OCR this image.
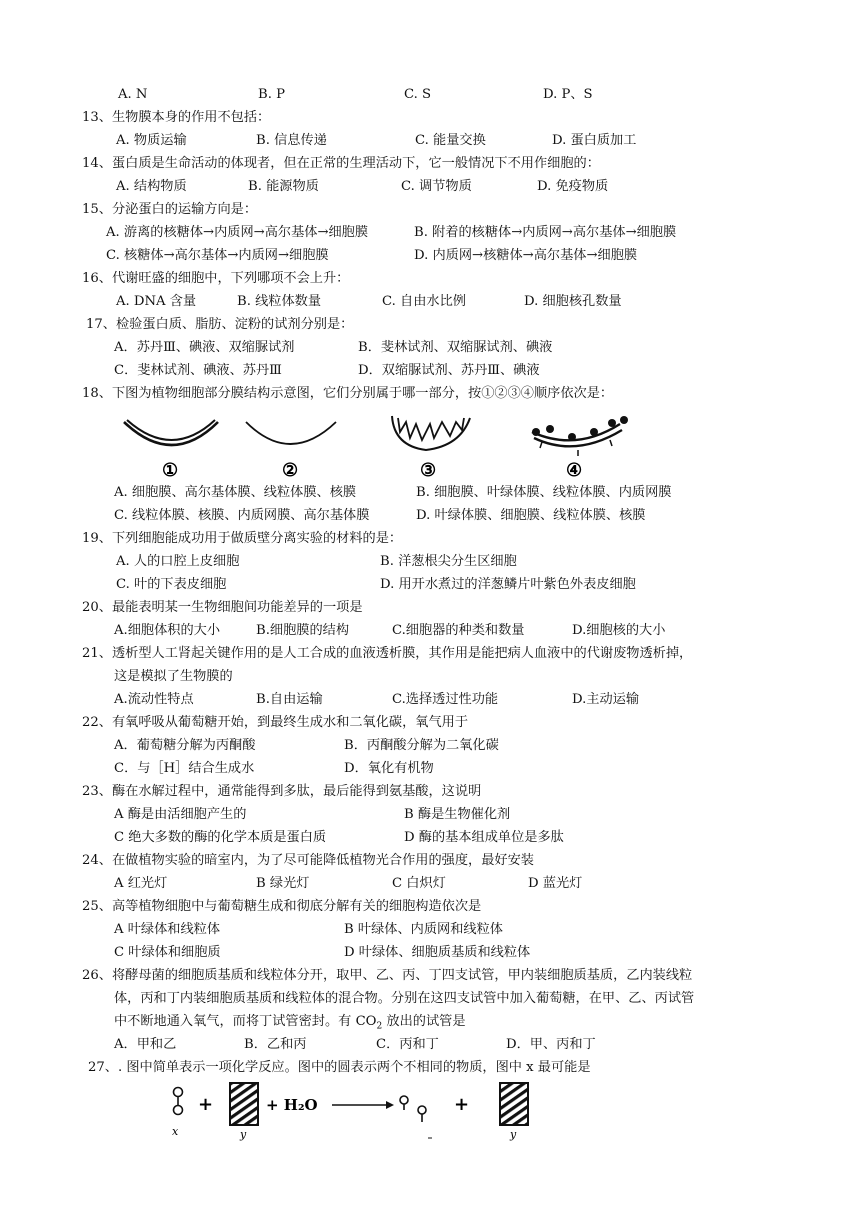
A. N	B. P	C. S	D. P、S
13、生物膜本身的作用不包括：
A. 物质运输	B. 信息传递	C. 能量交换	D. 蛋白质加工
14、蛋白质是生命活动的体现者，但在正常的生理活动下，它一般情况下不用作细胞的：
A. 结构物质	B. 能源物质	C. 调节物质	D. 免疫物质
15、分泌蛋白的运输方向是：
A. 游离的核糖体→内质网→高尔基体→细胞膜	B. 附着的核糖体→内质网→高尔基体→细胞膜
C. 核糖体→高尔基体→内质网→细胞膜	D. 内质网→核糖体→高尔基体→细胞膜
16、代谢旺盛的细胞中，下列哪项不会上升：
A. DNA 含量	B. 线粒体数量	C. 自由水比例	D. 细胞核孔数量
17、检验蛋白质、脂肪、淀粉的试剂分别是：
A．苏丹Ⅲ、碘液、双缩脲试剂	B．斐林试剂、双缩脲试剂、碘液
C．斐林试剂、碘液、苏丹Ⅲ	D．双缩脲试剂、苏丹Ⅲ、碘液
18、下图为植物细胞部分膜结构示意图，它们分别属于哪一部分，按①②③④顺序依次是：
①	②	③	④
A. 细胞膜、高尔基体膜、线粒体膜、核膜	B. 细胞膜、叶绿体膜、线粒体膜、内质网膜
C. 线粒体膜、核膜、内质网膜、高尔基体膜	D. 叶绿体膜、细胞膜、线粒体膜、核膜
19、下列细胞能成功用于做质壁分离实验的材料的是：
A. 人的口腔上皮细胞	B. 洋葱根尖分生区细胞
C. 叶的下表皮细胞	D. 用开水煮过的洋葱鳞片叶紫色外表皮细胞
20、最能表明某一生物细胞间功能差异的一项是
A.细胞体积的大小	B.细胞膜的结构	C.细胞器的种类和数量	D.细胞核的大小
21、透析型人工肾起关键作用的是人工合成的血液透析膜，其作用是能把病人血液中的代谢废物透析掉，
这是模拟了生物膜的
A.流动性特点	B.自由运输	C.选择透过性功能	D.主动运输
22、有氧呼吸从葡萄糖开始，到最终生成水和二氧化碳，氧气用于
A．葡萄糖分解为丙酮酸	B．丙酮酸分解为二氧化碳
C．与［H］结合生成水	D．氧化有机物
23、酶在水解过程中，通常能得到多肽，最后能得到氨基酸，这说明
A 酶是由活细胞产生的	B 酶是生物催化剂
C 绝大多数的酶的化学本质是蛋白质	D 酶的基本组成单位是多肽
24、在做植物实验的暗室内，为了尽可能降低植物光合作用的强度，最好安装
A 红光灯	B 绿光灯	C 白炽灯	D 蓝光灯
25、高等植物细胞中与葡萄糖生成和彻底分解有关的细胞构造依次是
A 叶绿体和线粒体	B 叶绿体、内质网和线粒体
C 叶绿体和细胞质	D 叶绿体、细胞质基质和线粒体
26、将酵母菌的细胞质基质和线粒体分开，取甲、乙、丙、丁四支试管，甲内装细胞质基质，乙内装线粒
体，丙和丁内装细胞质基质和线粒体的混合物。分别在这四支试管中加入葡萄糖，在甲、乙、丙试管
中不断地通入氧气，而将丁试管密封。有 $CO_2$ 放出的试管是
A．甲和乙	B．乙和丙	C．丙和丁	D．甲、丙和丁
27、. 图中简单表示一项化学反应。图中的圆表示两个不相同的物质，图中 x 最可能是
x
+
y
+ H₂O	+
y
